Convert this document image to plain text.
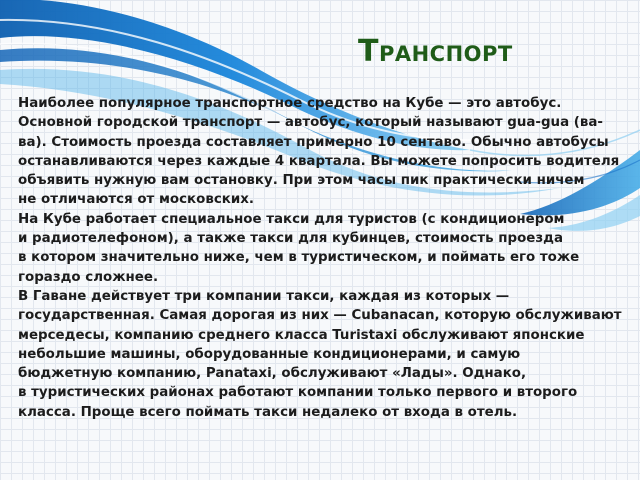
Транспорт
Наиболее популярное транспортное средство на Кубе — это автобус.
Основной городской транспорт — автобус, который называют gua-gua (ва-
ва). Стоимость проезда составляет примерно 10 сентаво. Обычно автобусы
останавливаются через каждые 4 квартала. Вы можете попросить водителя
объявить нужную вам остановку. При этом часы пик практически ничем
не отличаются от московских.
На Кубе работает специальное такси для туристов (с кондиционером
и радиотелефоном), а также такси для кубинцев, стоимость проезда
в котором значительно ниже, чем в туристическом, и поймать его тоже
гораздо сложнее.
В Гаване действует три компании такси, каждая из которых —
государственная. Самая дорогая из них — Cubanacan, которую обслуживают
мерседесы, компанию среднего класса Turistaxi обслуживают японские
небольшие машины, оборудованные кондиционерами, и самую
бюджетную компанию, Panataxi, обслуживают «Лады». Однако,
в туристических районах работают компании только первого и второго
класса. Проще всего поймать такси недалеко от входа в отель.
